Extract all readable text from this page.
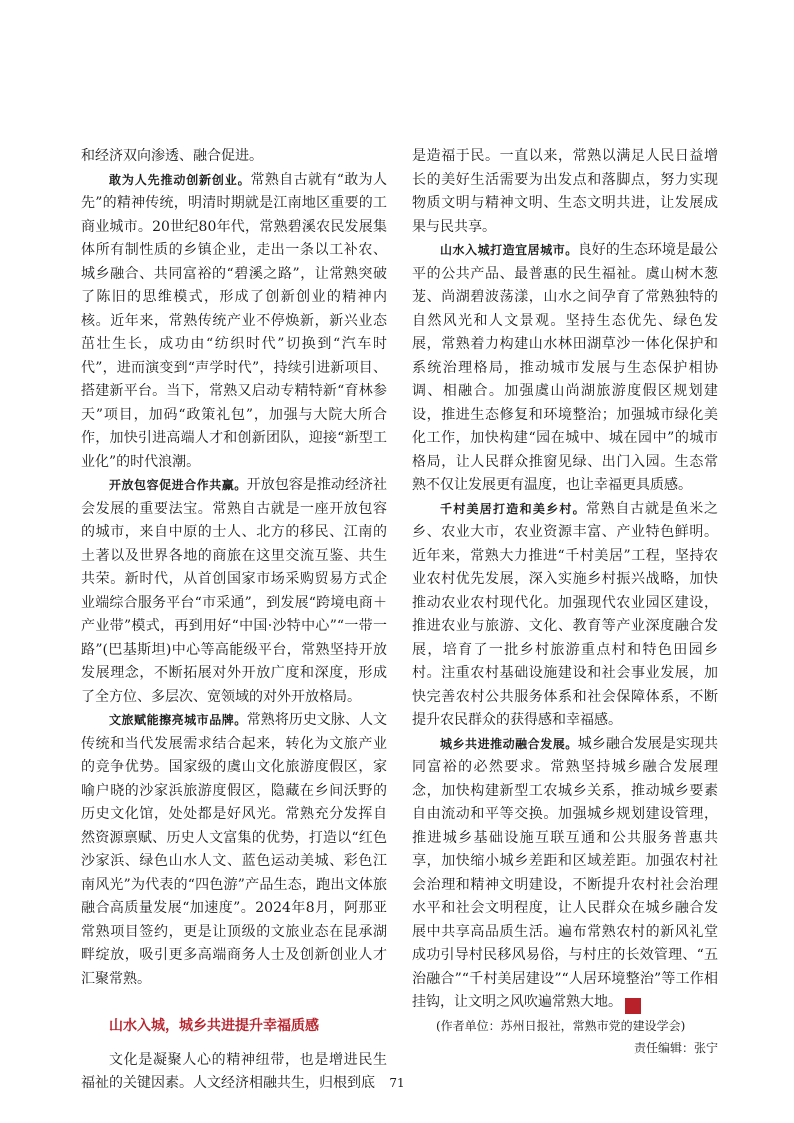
和经济双向渗透、融合促进。

敢为人先推动创新创业。常熟自古就有“敢为人先”的精神传统，明清时期就是江南地区重要的工商业城市。20世纪80年代，常熟碧溪农民发展集体所有制性质的乡镇企业，走出一条以工补农、城乡融合、共同富裕的“碧溪之路”，让常熟突破了陈旧的思维模式，形成了创新创业的精神内核。近年来，常熟传统产业不停焕新，新兴业态茁壮生长，成功由“纺织时代”切换到“汽车时代”，进而演变到“声学时代”，持续引进新项目、搭建新平台。当下，常熟又启动专精特新“育林参天”项目，加码“政策礼包”，加强与大院大所合作，加快引进高端人才和创新团队，迎接“新型工业化”的时代浪潮。

开放包容促进合作共赢。开放包容是推动经济社会发展的重要法宝。常熟自古就是一座开放包容的城市，来自中原的士人、北方的移民、江南的土著以及世界各地的商旅在这里交流互鉴、共生共荣。新时代，从首创国家市场采购贸易方式企业端综合服务平台“市采通”，到发展“跨境电商＋产业带”模式，再到用好“中国·沙特中心”“一带一路”(巴基斯坦)中心等高能级平台，常熟坚持开放发展理念，不断拓展对外开放广度和深度，形成了全方位、多层次、宽领域的对外开放格局。

文旅赋能擦亮城市品牌。常熟将历史文脉、人文传统和当代发展需求结合起来，转化为文旅产业的竞争优势。国家级的虞山文化旅游度假区，家喻户晓的沙家浜旅游度假区，隐藏在乡间沃野的历史文化馆，处处都是好风光。常熟充分发挥自然资源禀赋、历史人文富集的优势，打造以“红色沙家浜、绿色山水人文、蓝色运动美城、彩色江南风光”为代表的“四色游”产品生态，跑出文体旅融合高质量发展“加速度”。2024年8月，阿那亚常熟项目签约，更是让顶级的文旅业态在昆承湖畔绽放，吸引更多高端商务人士及创新创业人才汇聚常熟。

山水入城，城乡共进提升幸福质感

文化是凝聚人心的精神纽带，也是增进民生福祉的关键因素。人文经济相融共生，归根到底

是造福于民。一直以来，常熟以满足人民日益增长的美好生活需要为出发点和落脚点，努力实现物质文明与精神文明、生态文明共进，让发展成果与民共享。

山水入城打造宜居城市。良好的生态环境是最公平的公共产品、最普惠的民生福祉。虞山树木葱茏、尚湖碧波荡漾，山水之间孕育了常熟独特的自然风光和人文景观。坚持生态优先、绿色发展，常熟着力构建山水林田湖草沙一体化保护和系统治理格局，推动城市发展与生态保护相协调、相融合。加强虞山尚湖旅游度假区规划建设，推进生态修复和环境整治；加强城市绿化美化工作，加快构建“园在城中、城在园中”的城市格局，让人民群众推窗见绿、出门入园。生态常熟不仅让发展更有温度，也让幸福更具质感。

千村美居打造和美乡村。常熟自古就是鱼米之乡、农业大市，农业资源丰富、产业特色鲜明。近年来，常熟大力推进“千村美居”工程，坚持农业农村优先发展，深入实施乡村振兴战略，加快推动农业农村现代化。加强现代农业园区建设，推进农业与旅游、文化、教育等产业深度融合发展，培育了一批乡村旅游重点村和特色田园乡村。注重农村基础设施建设和社会事业发展，加快完善农村公共服务体系和社会保障体系，不断提升农民群众的获得感和幸福感。

城乡共进推动融合发展。城乡融合发展是实现共同富裕的必然要求。常熟坚持城乡融合发展理念，加快构建新型工农城乡关系，推动城乡要素自由流动和平等交换。加强城乡规划建设管理，推进城乡基础设施互联互通和公共服务普惠共享，加快缩小城乡差距和区域差距。加强农村社会治理和精神文明建设，不断提升农村社会治理水平和社会文明程度，让人民群众在城乡融合发展中共享高品质生活。遍布常熟农村的新风礼堂成功引导村民移风易俗，与村庄的长效管理、“五治融合”“千村美居建设”“人居环境整治”等工作相挂钩，让文明之风吹遍常熟大地。	新

(作者单位：苏州日报社，常熟市党的建设学会)

责任编辑：张宁

71
